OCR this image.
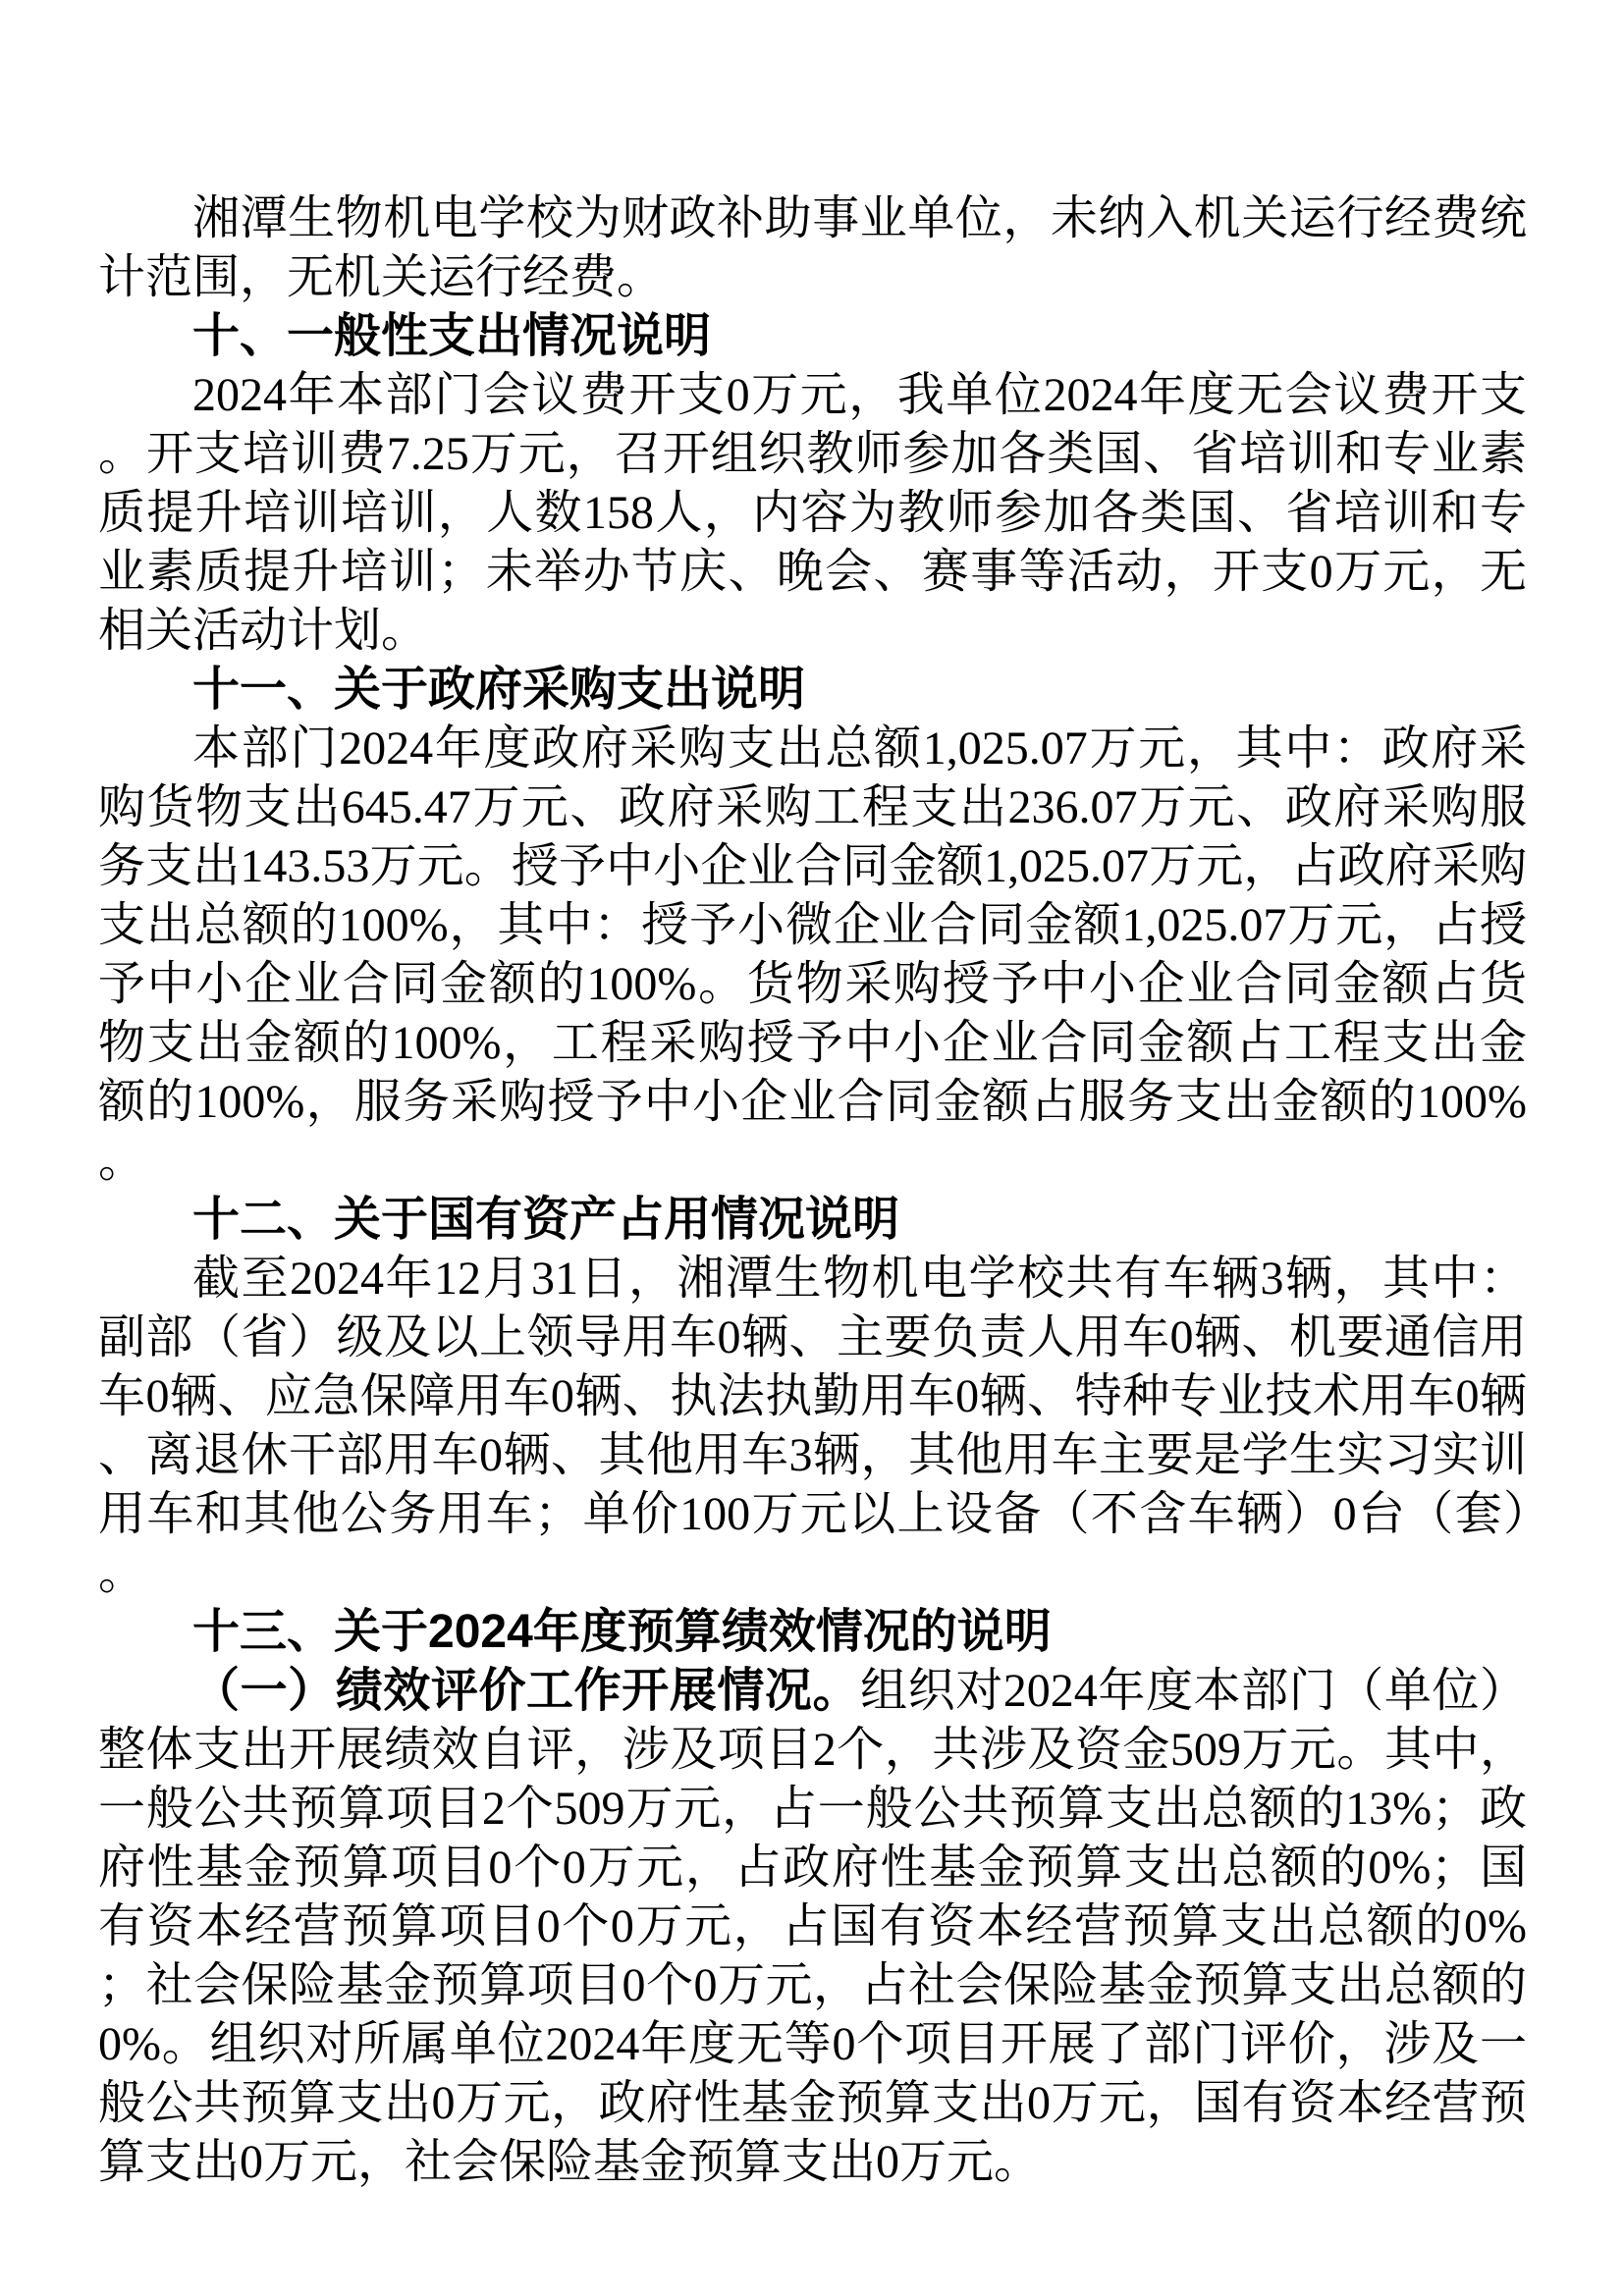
湘潭生物机电学校为财政补助事业单位，未纳入机关运行经费统计范围，无机关运行经费。

十、一般性支出情况说明

2024年本部门会议费开支0万元，我单位2024年度无会议费开支。开支培训费7.25万元，召开组织教师参加各类国、省培训和专业素质提升培训培训，人数158人，内容为教师参加各类国、省培训和专业素质提升培训；未举办节庆、晚会、赛事等活动，开支0万元，无相关活动计划。

十一、关于政府采购支出说明

本部门2024年度政府采购支出总额1,025.07万元，其中：政府采购货物支出645.47万元、政府采购工程支出236.07万元、政府采购服务支出143.53万元。授予中小企业合同金额1,025.07万元，占政府采购支出总额的100%，其中：授予小微企业合同金额1,025.07万元，占授予中小企业合同金额的100%。货物采购授予中小企业合同金额占货物支出金额的100%，工程采购授予中小企业合同金额占工程支出金额的100%，服务采购授予中小企业合同金额占服务支出金额的100%。

十二、关于国有资产占用情况说明

截至2024年12月31日，湘潭生物机电学校共有车辆3辆，其中：副部（省）级及以上领导用车0辆、主要负责人用车0辆、机要通信用车0辆、应急保障用车0辆、执法执勤用车0辆、特种专业技术用车0辆、离退休干部用车0辆、其他用车3辆，其他用车主要是学生实习实训用车和其他公务用车；单价100万元以上设备（不含车辆）0台（套）。

十三、关于2024年度预算绩效情况的说明

（一）绩效评价工作开展情况。组织对2024年度本部门（单位）整体支出开展绩效自评，涉及项目2个，共涉及资金509万元。其中，一般公共预算项目2个509万元，占一般公共预算支出总额的13%；政府性基金预算项目0个0万元，占政府性基金预算支出总额的0%；国有资本经营预算项目0个0万元，占国有资本经营预算支出总额的0%；社会保险基金预算项目0个0万元，占社会保险基金预算支出总额的0%。组织对所属单位2024年度无等0个项目开展了部门评价，涉及一般公共预算支出0万元，政府性基金预算支出0万元，国有资本经营预算支出0万元，社会保险基金预算支出0万元。
